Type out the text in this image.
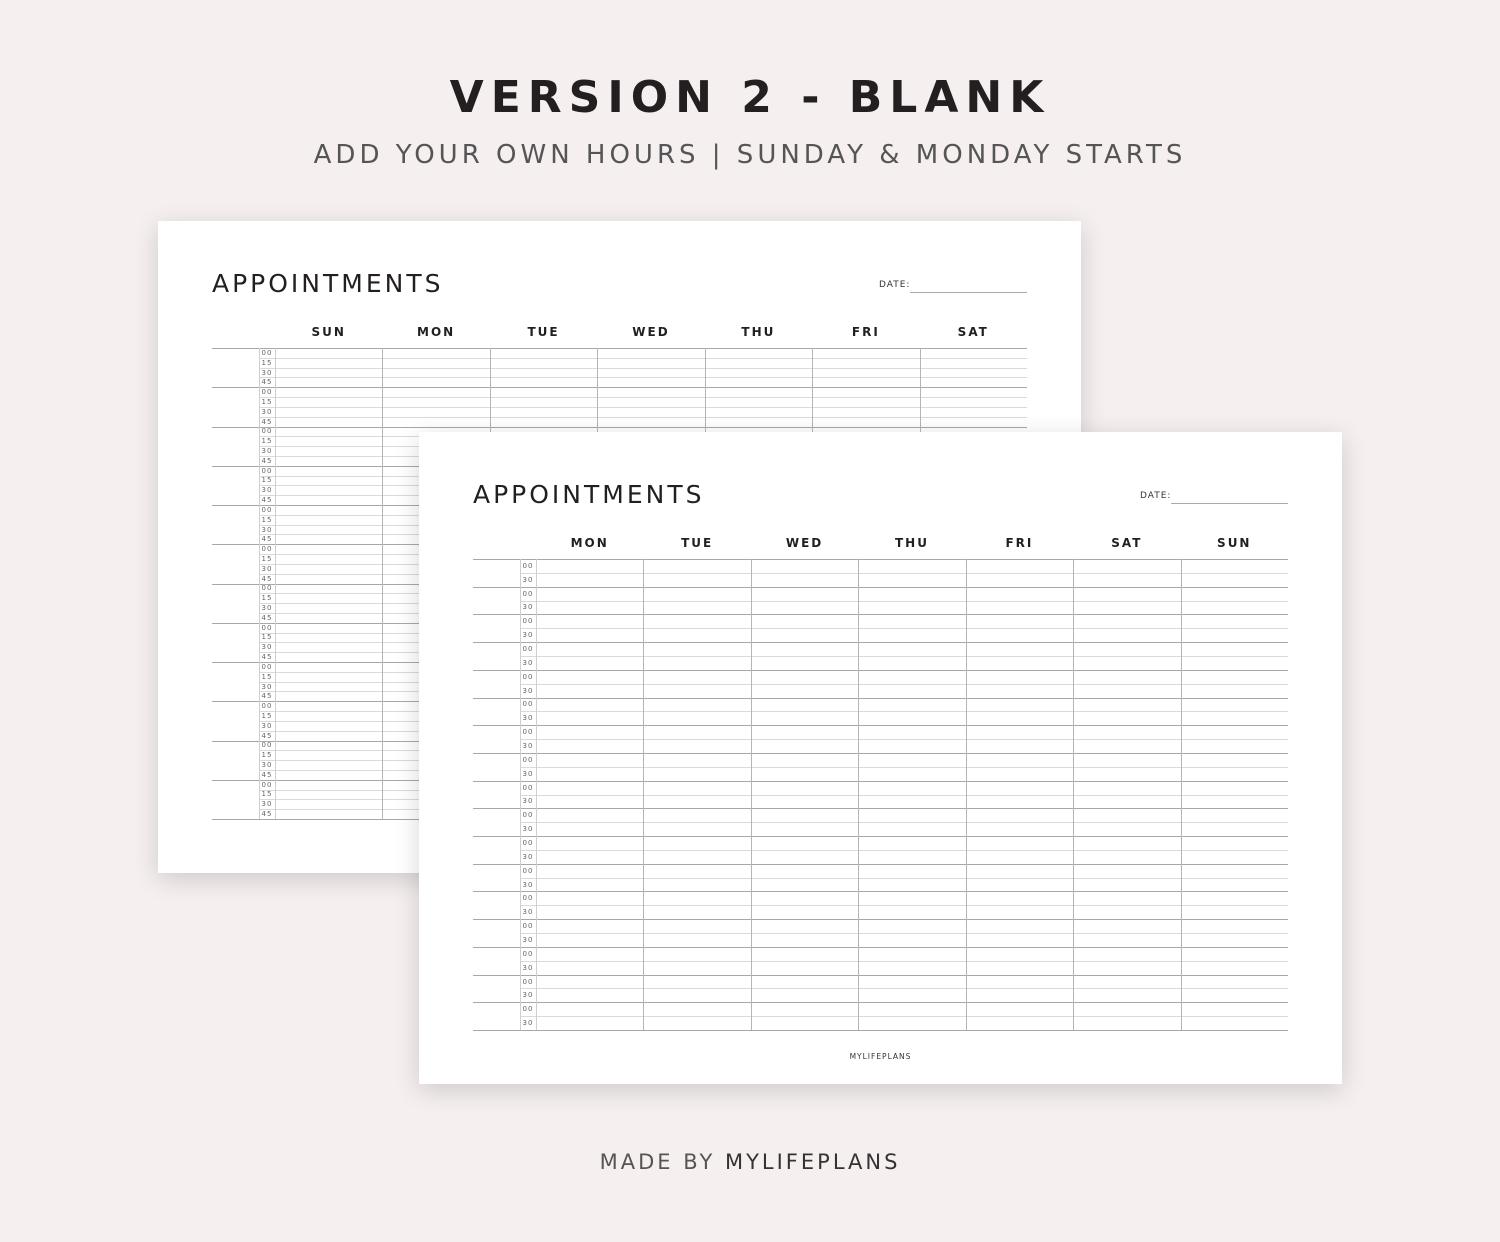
VERSION 2 - BLANK
ADD YOUR OWN HOURS | SUNDAY & MONDAY STARTS
APPOINTMENTS	DATE:
SUN	MON	TUE	WED	THU	FRI	SAT
00
15
30
45
00
15
30
45
00
15
30
45
00
15
30
45
00
15
30
45
00
15
30
45
00
15
30
45
00
15
30
45
00
15
30
45
00
15
30
45
00
15
30
45
00
15
30
45
APPOINTMENTS	DATE:
MON	TUE	WED	THU	FRI	SAT	SUN
00
30
00
30
00
30
00
30
00
30
00
30
00
30
00
30
00
30
00
30
00
30
00
30
00
30
00
30
00
30
00
30
00
30
MYLIFEPLANS
MADE BY MYLIFEPLANS
